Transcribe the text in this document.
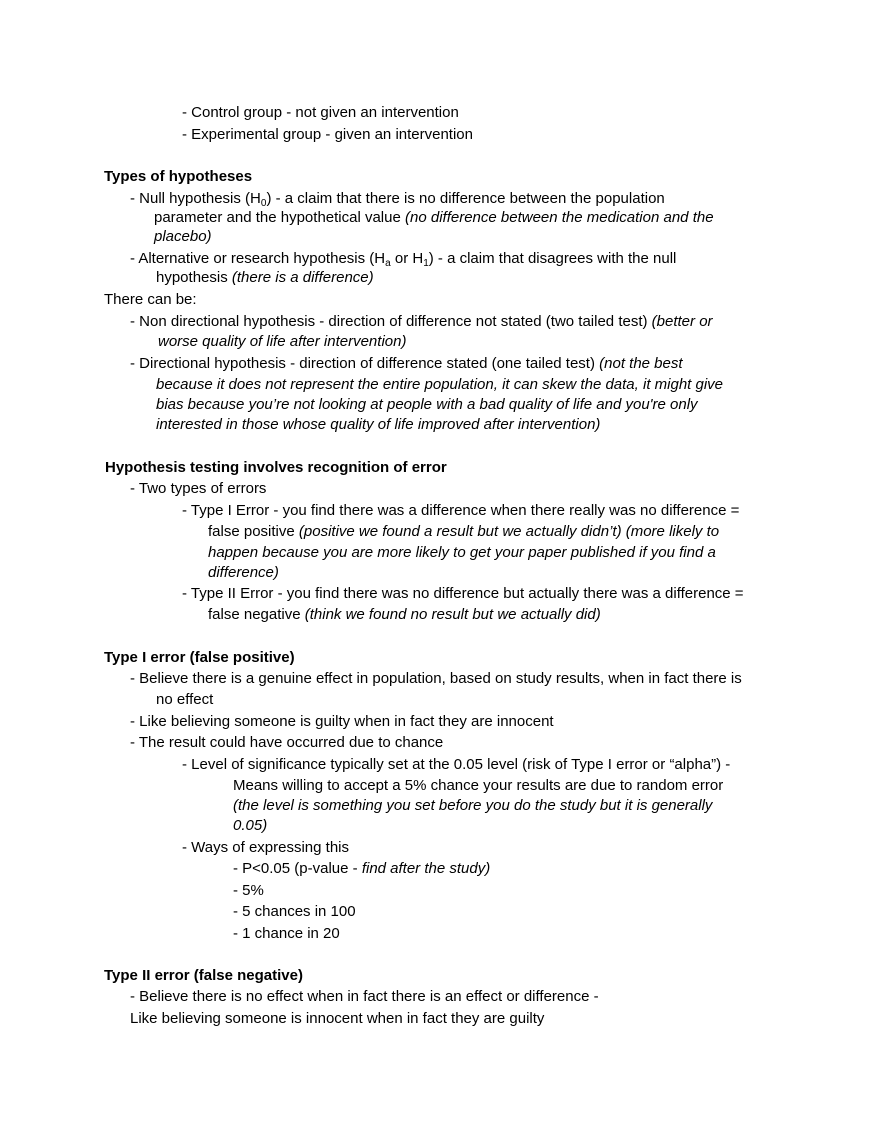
- Control group - not given an intervention

- Experimental group - given an intervention

Types of hypotheses

- Null hypothesis $(H_0)$ - a claim that there is no difference between the population

parameter and the hypothetical value (no difference between the medication and the

placebo)

- Alternative or research hypothesis ($H_a$ or $H_1$) - a claim that disagrees with the null

hypothesis (there is a difference)

There can be:

- Non directional hypothesis - direction of difference not stated (two tailed test) (better or

worse quality of life after intervention)

- Directional hypothesis - direction of difference stated (one tailed test) (not the best

because it does not represent the entire population, it can skew the data, it might give

bias because you’re not looking at people with a bad quality of life and you're only

interested in those whose quality of life improved after intervention)

Hypothesis testing involves recognition of error

- Two types of errors

- Type I Error - you find there was a difference when there really was no difference =

false positive (positive we found a result but we actually didn’t) (more likely to

happen because you are more likely to get your paper published if you find a

difference)

- Type II Error - you find there was no difference but actually there was a difference =

false negative (think we found no result but we actually did)

Type I error (false positive)

- Believe there is a genuine effect in population, based on study results, when in fact there is

no effect

- Like believing someone is guilty when in fact they are innocent

- The result could have occurred due to chance

- Level of significance typically set at the 0.05 level (risk of Type I error or “alpha”) -

Means willing to accept a 5% chance your results are due to random error

(the level is something you set before you do the study but it is generally

0.05)

- Ways of expressing this

- P<0.05 (p-value - find after the study)

- 5%

- 5 chances in 100

- 1 chance in 20

Type II error (false negative)

- Believe there is no effect when in fact there is an effect or difference -

Like believing someone is innocent when in fact they are guilty
